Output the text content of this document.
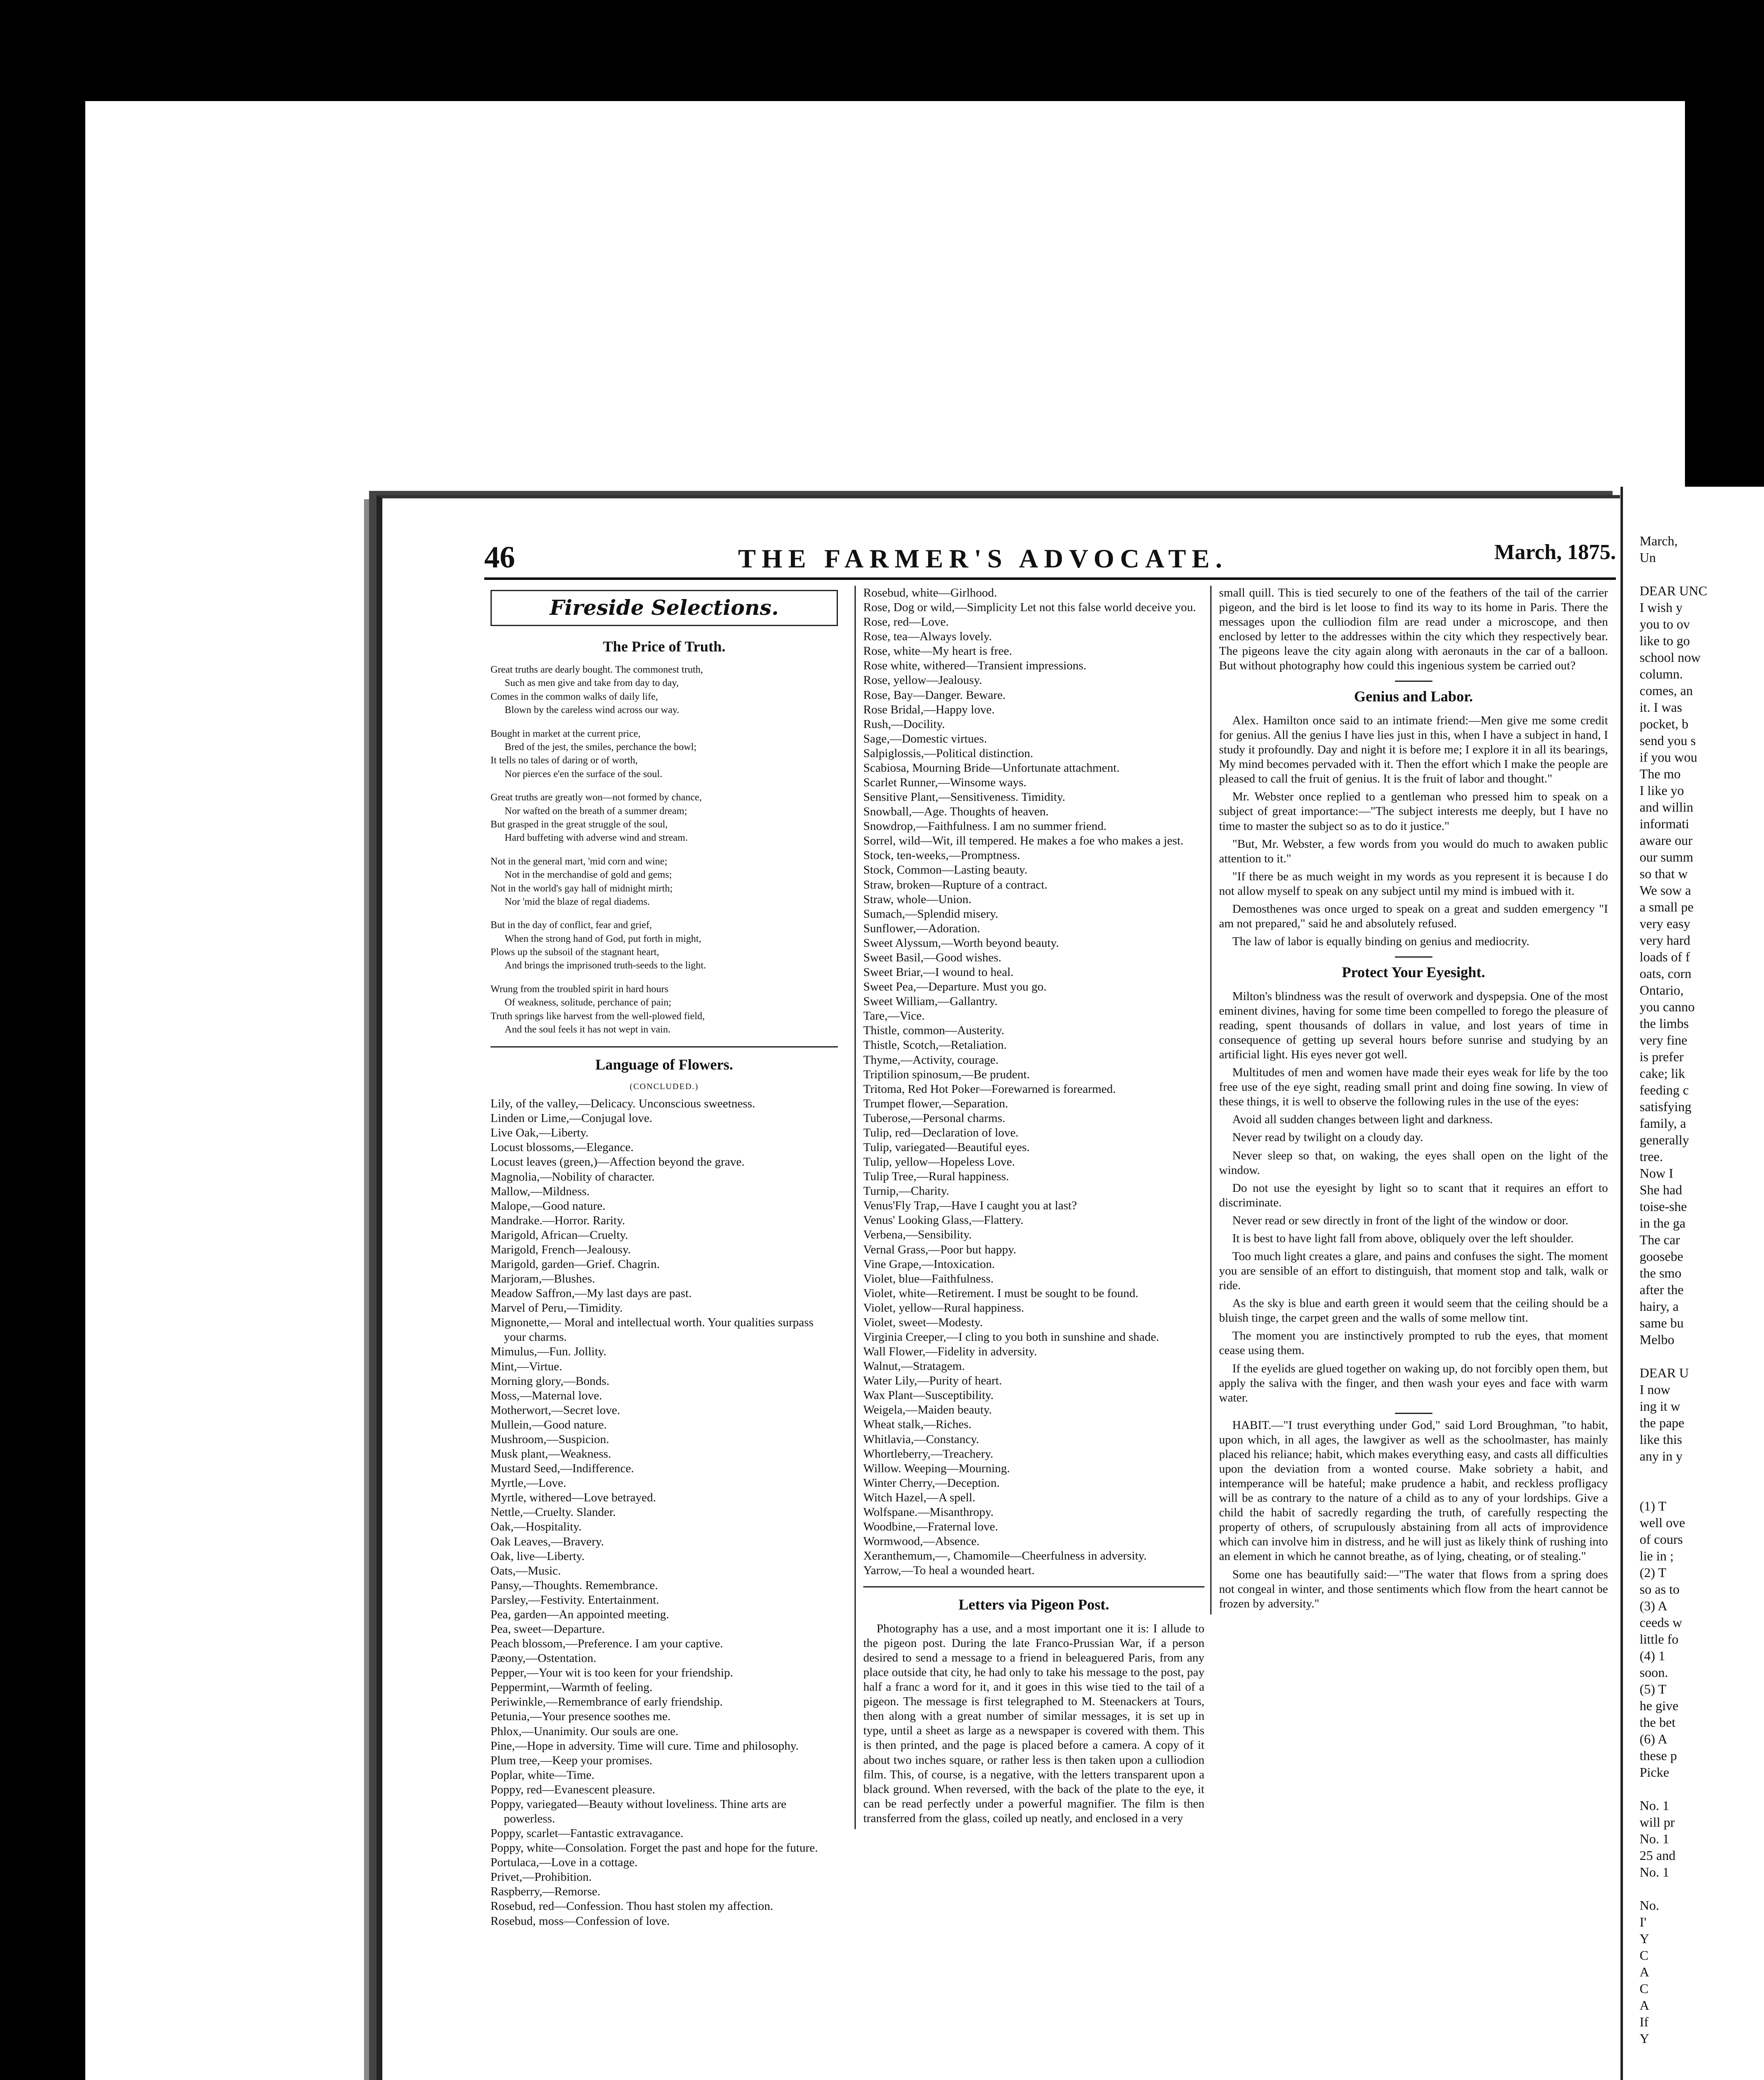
46	THE FARMER'S ADVOCATE.	March, 1875.
Fireside Selections.
The Price of Truth.

Great truths are dearly bought. The commonest truth,
Such as men give and take from day to day,
Comes in the common walks of daily life,
Blown by the careless wind across our way.

Bought in market at the current price,
Bred of the jest, the smiles, perchance the bowl;
It tells no tales of daring or of worth,
Nor pierces e'en the surface of the soul.

Great truths are greatly won—not formed by chance,
Nor wafted on the breath of a summer dream;
But grasped in the great struggle of the soul,
Hard buffeting with adverse wind and stream.

Not in the general mart, 'mid corn and wine;
Not in the merchandise of gold and gems;
Not in the world's gay hall of midnight mirth;
Nor 'mid the blaze of regal diadems.

But in the day of conflict, fear and grief,
When the strong hand of God, put forth in might,
Plows up the subsoil of the stagnant heart,
And brings the imprisoned truth-seeds to the light.

Wrung from the troubled spirit in hard hours
Of weakness, solitude, perchance of pain;
Truth springs like harvest from the well-plowed field,
And the soul feels it has not wept in vain.

Language of Flowers.
(CONCLUDED.)
Lily, of the valley,—Delicacy. Unconscious sweetness.
Linden or Lime,—Conjugal love.
Live Oak,—Liberty.
Locust blossoms,—Elegance.
Locust leaves (green,)—Affection beyond the grave.
Magnolia,—Nobility of character.
Mallow,—Mildness.
Malope,—Good nature.
Mandrake.—Horror. Rarity.
Marigold, African—Cruelty.
Marigold, French—Jealousy.
Marigold, garden—Grief. Chagrin.
Marjoram,—Blushes.
Meadow Saffron,—My last days are past.
Marvel of Peru,—Timidity.
Mignonette,— Moral and intellectual worth. Your qualities surpass your charms.
Mimulus,—Fun. Jollity.
Mint,—Virtue.
Morning glory,—Bonds.
Moss,—Maternal love.
Motherwort,—Secret love.
Mullein,—Good nature.
Mushroom,—Suspicion.
Musk plant,—Weakness.
Mustard Seed,—Indifference.
Myrtle,—Love.
Myrtle, withered—Love betrayed.
Nettle,—Cruelty. Slander.
Oak,—Hospitality.
Oak Leaves,—Bravery.
Oak, live—Liberty.
Oats,—Music.
Pansy,—Thoughts. Remembrance.
Parsley,—Festivity. Entertainment.
Pea, garden—An appointed meeting.
Pea, sweet—Departure.
Peach blossom,—Preference. I am your captive.
Pæony,—Ostentation.
Pepper,—Your wit is too keen for your friendship.
Peppermint,—Warmth of feeling.
Periwinkle,—Remembrance of early friendship.
Petunia,—Your presence soothes me.
Phlox,—Unanimity. Our souls are one.
Pine,—Hope in adversity. Time will cure. Time and philosophy.
Plum tree,—Keep your promises.
Poplar, white—Time.
Poppy, red—Evanescent pleasure.
Poppy, variegated—Beauty without loveliness. Thine arts are powerless.
Poppy, scarlet—Fantastic extravagance.
Poppy, white—Consolation. Forget the past and hope for the future.
Portulaca,—Love in a cottage.
Privet,—Prohibition.
Raspberry,—Remorse.
Rosebud, red—Confession. Thou hast stolen my affection.
Rosebud, moss—Confession of love.
Rosebud, white—Girlhood.
Rose, Dog or wild,—Simplicity Let not this false world deceive you.
Rose, red—Love.
Rose, tea—Always lovely.
Rose, white—My heart is free.
Rose white, withered—Transient impressions.
Rose, yellow—Jealousy.
Rose, Bay—Danger. Beware.
Rose Bridal,—Happy love.
Rush,—Docility.
Sage,—Domestic virtues.
Salpiglossis,—Political distinction.
Scabiosa, Mourning Bride—Unfortunate attachment.
Scarlet Runner,—Winsome ways.
Sensitive Plant,—Sensitiveness. Timidity.
Snowball,—Age. Thoughts of heaven.
Snowdrop,—Faithfulness. I am no summer friend.
Sorrel, wild—Wit, ill tempered. He makes a foe who makes a jest.
Stock, ten-weeks,—Promptness.
Stock, Common—Lasting beauty.
Straw, broken—Rupture of a contract.
Straw, whole—Union.
Sumach,—Splendid misery.
Sunflower,—Adoration.
Sweet Alyssum,—Worth beyond beauty.
Sweet Basil,—Good wishes.
Sweet Briar,—I wound to heal.
Sweet Pea,—Departure. Must you go.
Sweet William,—Gallantry.
Tare,—Vice.
Thistle, common—Austerity.
Thistle, Scotch,—Retaliation.
Thyme,—Activity, courage.
Triptilion spinosum,—Be prudent.
Tritoma, Red Hot Poker—Forewarned is forearmed.
Trumpet flower,—Separation.
Tuberose,—Personal charms.
Tulip, red—Declaration of love.
Tulip, variegated—Beautiful eyes.
Tulip, yellow—Hopeless Love.
Tulip Tree,—Rural happiness.
Turnip,—Charity.
Venus'Fly Trap,—Have I caught you at last?
Venus' Looking Glass,—Flattery.
Verbena,—Sensibility.
Vernal Grass,—Poor but happy.
Vine Grape,—Intoxication.
Violet, blue—Faithfulness.
Violet, white—Retirement. I must be sought to be found.
Violet, yellow—Rural happiness.
Violet, sweet—Modesty.
Virginia Creeper,—I cling to you both in sunshine and shade.
Wall Flower,—Fidelity in adversity.
Walnut,—Stratagem.
Water Lily,—Purity of heart.
Wax Plant—Susceptibility.
Weigela,—Maiden beauty.
Wheat stalk,—Riches.
Whitlavia,—Constancy.
Whortleberry,—Treachery.
Willow. Weeping—Mourning.
Winter Cherry,—Deception.
Witch Hazel,—A spell.
Wolfspane.—Misanthropy.
Woodbine,—Fraternal love.
Wormwood,—Absence.
Xeranthemum,—, Chamomile—Cheerfulness in adversity.
Yarrow,—To heal a wounded heart.
Letters via Pigeon Post.

Photography has a use, and a most important one it is: I allude to the pigeon post. During the late Franco-Prussian War, if a person desired to send a message to a friend in beleaguered Paris, from any place outside that city, he had only to take his message to the post, pay half a franc a word for it, and it goes in this wise tied to the tail of a pigeon. The message is first telegraphed to M. Steenackers at Tours, then along with a great number of similar messages, it is set up in type, until a sheet as large as a newspaper is covered with them. This is then printed, and the page is placed before a camera. A copy of it about two inches square, or rather less is then taken upon a culliodion film. This, of course, is a negative, with the letters transparent upon a black ground. When reversed, with the back of the plate to the eye, it can be read perfectly under a powerful magnifier. The film is then transferred from the glass, coiled up neatly, and enclosed in a very

small quill. This is tied securely to one of the feathers of the tail of the carrier pigeon, and the bird is let loose to find its way to its home in Paris. There the messages upon the culliodion film are read under a microscope, and then enclosed by letter to the addresses within the city which they respectively bear. The pigeons leave the city again along with aeronauts in the car of a balloon. But without photography how could this ingenious system be carried out?

Genius and Labor.

Alex. Hamilton once said to an intimate friend:—Men give me some credit for genius. All the genius I have lies just in this, when I have a subject in hand, I study it profoundly. Day and night it is before me; I explore it in all its bearings, My mind becomes pervaded with it. Then the effort which I make the people are pleased to call the fruit of genius. It is the fruit of labor and thought."

Mr. Webster once replied to a gentleman who pressed him to speak on a subject of great importance:—"The subject interests me deeply, but I have no time to master the subject so as to do it justice."

"But, Mr. Webster, a few words from you would do much to awaken public attention to it."

"If there be as much weight in my words as you represent it is because I do not allow myself to speak on any subject until my mind is imbued with it.

Demosthenes was once urged to speak on a great and sudden emergency "I am not prepared," said he and absolutely refused.

The law of labor is equally binding on genius and mediocrity.

Protect Your Eyesight.

Milton's blindness was the result of overwork and dyspepsia. One of the most eminent divines, having for some time been compelled to forego the pleasure of reading, spent thousands of dollars in value, and lost years of time in consequence of getting up several hours before sunrise and studying by an artificial light. His eyes never got well.

Multitudes of men and women have made their eyes weak for life by the too free use of the eye sight, reading small print and doing fine sowing. In view of these things, it is well to observe the following rules in the use of the eyes:

Avoid all sudden changes between light and darkness.

Never read by twilight on a cloudy day.

Never sleep so that, on waking, the eyes shall open on the light of the window.

Do not use the eyesight by light so to scant that it requires an effort to discriminate.

Never read or sew directly in front of the light of the window or door.

It is best to have light fall from above, obliquely over the left shoulder.

Too much light creates a glare, and pains and confuses the sight. The moment you are sensible of an effort to distinguish, that moment stop and talk, walk or ride.

As the sky is blue and earth green it would seem that the ceiling should be a bluish tinge, the carpet green and the walls of some mellow tint.

The moment you are instinctively prompted to rub the eyes, that moment cease using them.

If the eyelids are glued together on waking up, do not forcibly open them, but apply the saliva with the finger, and then wash your eyes and face with warm water.

HABIT.—"I trust everything under God," said Lord Broughman, "to habit, upon which, in all ages, the lawgiver as well as the schoolmaster, has mainly placed his reliance; habit, which makes everything easy, and casts all difficulties upon the deviation from a wonted course. Make sobriety a habit, and intemperance will be hateful; make prudence a habit, and reckless profligacy will be as contrary to the nature of a child as to any of your lordships. Give a child the habit of sacredly regarding the truth, of carefully respecting the property of others, of scrupulously abstaining from all acts of improvidence which can involve him in distress, and he will just as likely think of rushing into an element in which he cannot breathe, as of lying, cheating, or of stealing."

Some one has beautifully said:—"The water that flows from a spring does not congeal in winter, and those sentiments which flow from the heart cannot be frozen by adversity."

March,
Un

DEAR UNC
I wish y
you to ov
like to go
school now
column.
comes, an
it. I was
pocket, b
send you s
if you wou
The mo
I like yo
and willin
informati
aware our
our summ
so that w
We sow a
a small pe
very easy
very hard
loads of f
oats, corn
Ontario,
you canno
the limbs
very fine
is prefer
cake; lik
feeding c
satisfying
family, a
generally
tree.
Now I
She had
toise-she
in the ga
The car
goosebe
the smo
after the
hairy, a
same bu
Melbo

DEAR U
I now
ing it w
the pape
like this
any in y

(1) T
well ove
of cours
lie in ;
(2) T
so as to
(3) A
ceeds w
little fo
(4) 1
soon.
(5) T
he give
the bet
(6) A
these p
Picke

No. 1
will pr
No. 1
25 and
No. 1

No.
I'
Y
C
A
C
A
If
Y
